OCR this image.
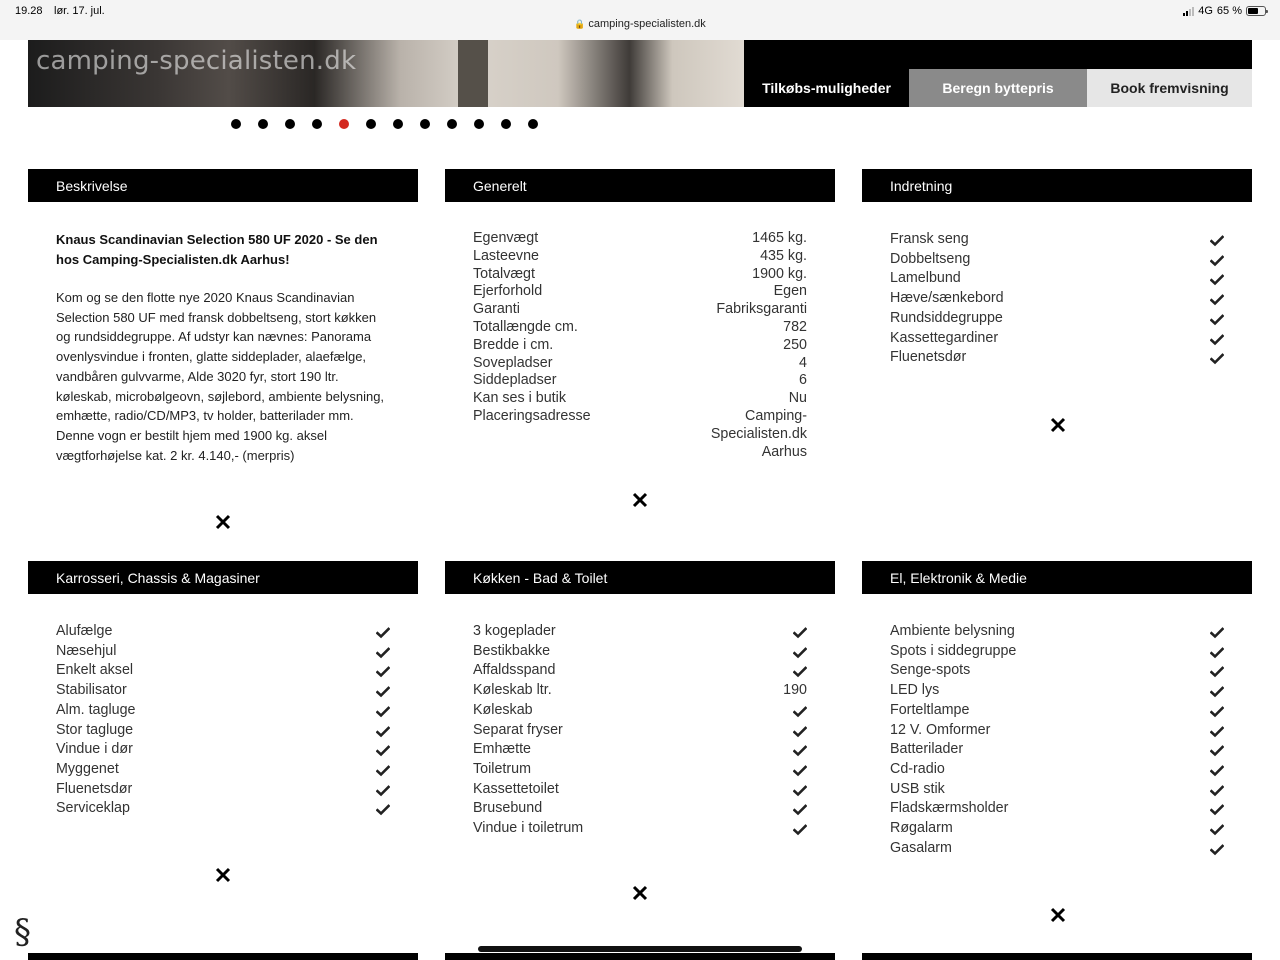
19.28 lør. 17. jul.
🔒 camping-specialisten.dk
4G 65 %
camping-specialisten.dk
Tilkøbs-muligheder	Beregn byttepris	Book fremvisning
Beskrivelse
Knaus Scandinavian Selection 580 UF 2020 - Se den hos Camping-Specialisten.dk Aarhus!
Kom og se den flotte nye 2020 Knaus Scandinavian Selection 580 UF med fransk dobbeltseng, stort køkken og rundsiddegruppe. Af udstyr kan nævnes: Panorama ovenlysvindue i fronten, glatte siddeplader, alaefælge, vandbåren gulvvarme, Alde 3020 fyr, stort 190 ltr. køleskab, microbølgeovn, søjlebord, ambiente belysning, emhætte, radio/CD/MP3, tv holder, batterilader mm. Denne vogn er bestilt hjem med 1900 kg. aksel vægtforhøjelse kat. 2 kr. 4.140,- (merpris)
Generelt
Egenvægt	1465 kg.
Lasteevne	435 kg.
Totalvægt	1900 kg.
Ejerforhold	Egen
Garanti	Fabriksgaranti
Totallængde cm.	782
Bredde i cm.	250
Sovepladser	4
Siddepladser	6
Kan ses i butik	Nu
Placeringsadresse	Camping-
Specialisten.dk
Aarhus
Indretning
Fransk seng
Dobbeltseng
Lamelbund
Hæve/sænkebord
Rundsiddegruppe
Kassettegardiner
Fluenetsdør
Karrosseri, Chassis & Magasiner
Alufælge
Næsehjul
Enkelt aksel
Stabilisator
Alm. tagluge
Stor tagluge
Vindue i dør
Myggenet
Fluenetsdør
Serviceklap
Køkken - Bad & Toilet
3 kogeplader
Bestikbakke
Affaldsspand
Køleskab ltr.	190
Køleskab
Separat fryser
Emhætte
Toiletrum
Kassettetoilet
Brusebund
Vindue i toiletrum
El, Elektronik & Medie
Ambiente belysning
Spots i siddegruppe
Senge-spots
LED lys
Forteltlampe
12 V. Omformer
Batterilader
Cd-radio
USB stik
Fladskærmsholder
Røgalarm
Gasalarm
§
